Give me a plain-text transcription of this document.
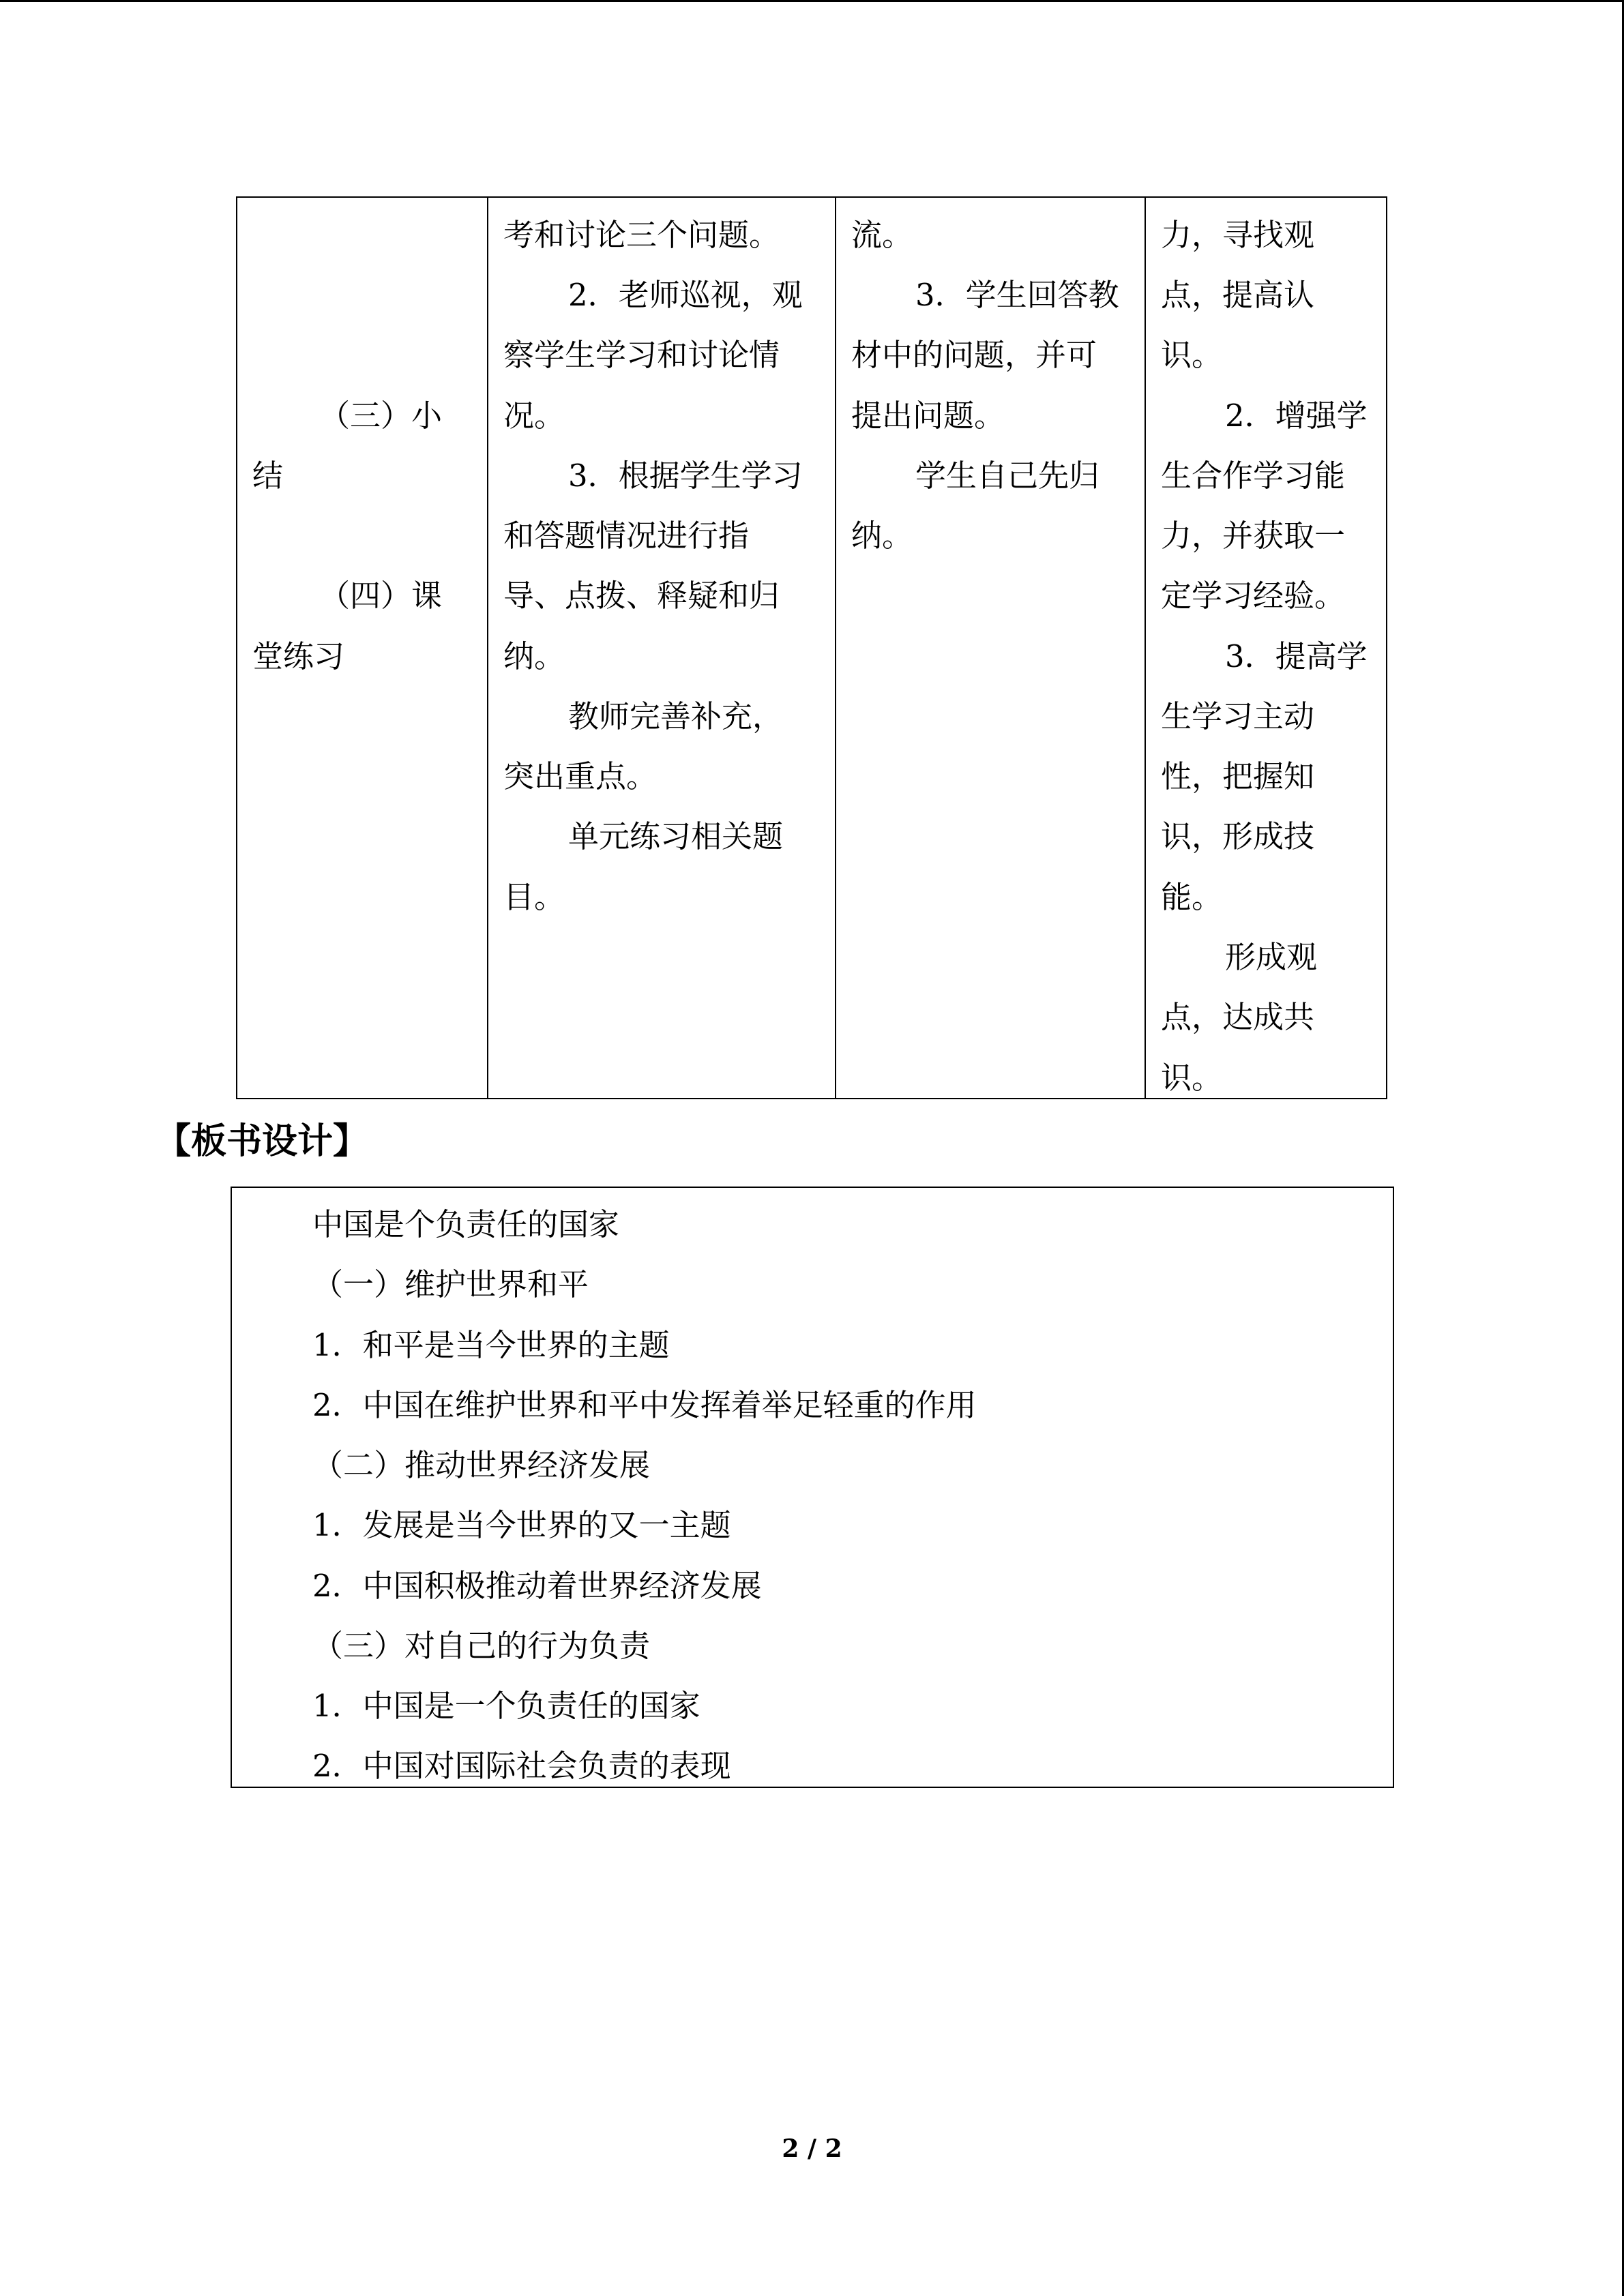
（三）小
结
（四）课
堂练习
考和讨论三个问题。
2．老师巡视，观
察学生学习和讨论情
况。
3．根据学生学习
和答题情况进行指
导、点拨、释疑和归
纳。
教师完善补充，
突出重点。
单元练习相关题
目。
流。
3．学生回答教
材中的问题，并可
提出问题。
学生自己先归
纳。
力，寻找观
点，提高认
识。
2．增强学
生合作学习能
力，并获取一
定学习经验。
3．提高学
生学习主动
性，把握知
识，形成技
能。
形成观
点，达成共
识。
【板书设计】
中国是个负责任的国家
（一）维护世界和平
1．和平是当今世界的主题
2．中国在维护世界和平中发挥着举足轻重的作用
（二）推动世界经济发展
1．发展是当今世界的又一主题
2．中国积极推动着世界经济发展
（三）对自己的行为负责
1．中国是一个负责任的国家
2．中国对国际社会负责的表现
2 / 2
